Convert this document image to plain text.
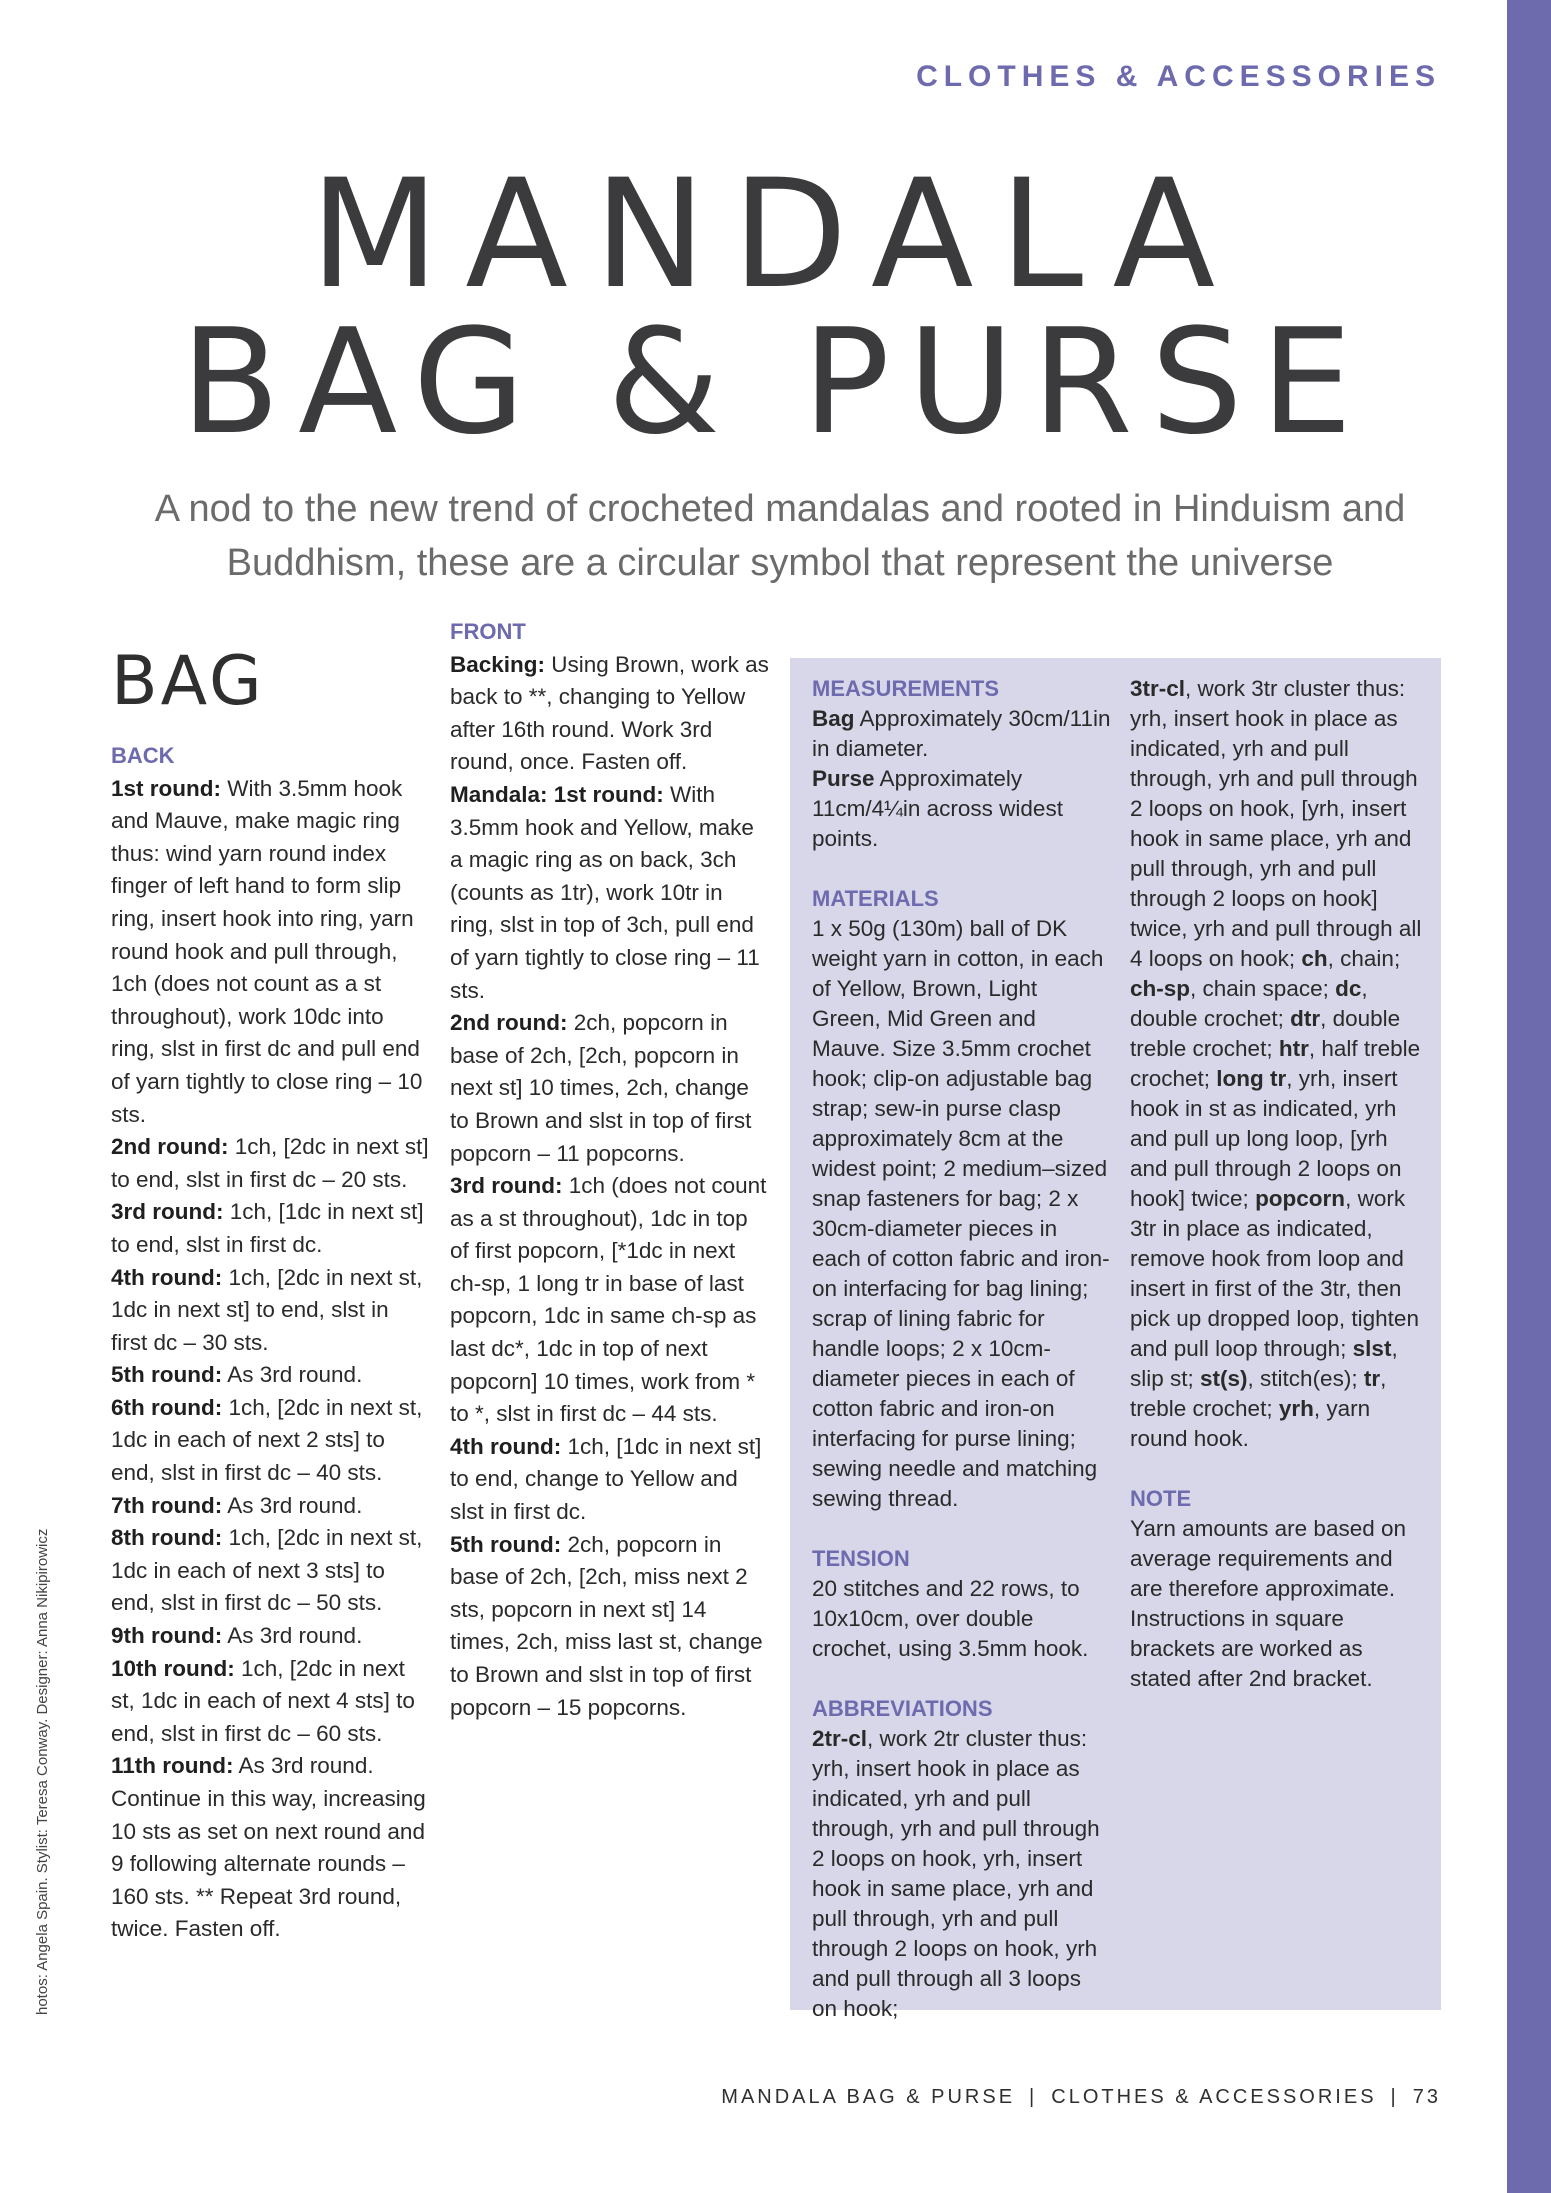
CLOTHES & ACCESSORIES
MANDALA
BAG & PURSE
A nod to the new trend of crocheted mandalas and rooted in Hinduism and Buddhism, these are a circular symbol that represent the universe
BAG

BACK

1st round: With 3.5mm hook and Mauve, make magic ring thus: wind yarn round index finger of left hand to form slip ring, insert hook into ring, yarn round hook and pull through, 1ch (does not count as a st throughout), work 10dc into ring, slst in first dc and pull end of yarn tightly to close ring – 10 sts.

2nd round: 1ch, [2dc in next st] to end, slst in first dc – 20 sts.

3rd round: 1ch, [1dc in next st] to end, slst in first dc.

4th round: 1ch, [2dc in next st, 1dc in next st] to end, slst in first dc – 30 sts.

5th round: As 3rd round.

6th round: 1ch, [2dc in next st, 1dc in each of next 2 sts] to end, slst in first dc – 40 sts.

7th round: As 3rd round.

8th round: 1ch, [2dc in next st, 1dc in each of next 3 sts] to end, slst in first dc – 50 sts.

9th round: As 3rd round.

10th round: 1ch, [2dc in next st, 1dc in each of next 4 sts] to end, slst in first dc – 60 sts.

11th round: As 3rd round. Continue in this way, increasing 10 sts as set on next round and 9 following alternate rounds – 160 sts. ** Repeat 3rd round, twice. Fasten off.

FRONT

Backing: Using Brown, work as back to **, changing to Yellow after 16th round. Work 3rd round, once. Fasten off.

Mandala: 1st round: With 3.5mm hook and Yellow, make a magic ring as on back, 3ch (counts as 1tr), work 10tr in ring, slst in top of 3ch, pull end of yarn tightly to close ring – 11 sts.

2nd round: 2ch, popcorn in base of 2ch, [2ch, popcorn in next st] 10 times, 2ch, change to Brown and slst in top of first popcorn – 11 popcorns.

3rd round: 1ch (does not count as a st throughout), 1dc in top of first popcorn, [*1dc in next ch-sp, 1 long tr in base of last popcorn, 1dc in same ch-sp as last dc*, 1dc in top of next popcorn] 10 times, work from * to *, slst in first dc – 44 sts.

4th round: 1ch, [1dc in next st] to end, change to Yellow and slst in first dc.

5th round: 2ch, popcorn in base of 2ch, [2ch, miss next 2 sts, popcorn in next st] 14 times, 2ch, miss last st, change to Brown and slst in top of first popcorn – 15 popcorns.

MEASUREMENTS

Bag Approximately 30cm/11in in diameter.

Purse Approximately 11cm/4¼in across widest points.

MATERIALS

1 x 50g (130m) ball of DK weight yarn in cotton, in each of Yellow, Brown, Light Green, Mid Green and Mauve. Size 3.5mm crochet hook; clip-on adjustable bag strap; sew-in purse clasp approximately 8cm at the widest point; 2 medium–sized snap fasteners for bag; 2 x 30cm-diameter pieces in each of cotton fabric and iron-on interfacing for bag lining; scrap of lining fabric for handle loops; 2 x 10cm-diameter pieces in each of cotton fabric and iron-on interfacing for purse lining; sewing needle and matching sewing thread.

TENSION

20 stitches and 22 rows, to 10x10cm, over double crochet, using 3.5mm hook.

ABBREVIATIONS

2tr-cl, work 2tr cluster thus: yrh, insert hook in place as indicated, yrh and pull through, yrh and pull through 2 loops on hook, yrh, insert hook in same place, yrh and pull through, yrh and pull through 2 loops on hook, yrh and pull through all 3 loops on hook;

3tr-cl, work 3tr cluster thus: yrh, insert hook in place as indicated, yrh and pull through, yrh and pull through 2 loops on hook, [yrh, insert hook in same place, yrh and pull through, yrh and pull through 2 loops on hook] twice, yrh and pull through all 4 loops on hook; ch, chain; ch-sp, chain space; dc, double crochet; dtr, double treble crochet; htr, half treble crochet; long tr, yrh, insert hook in st as indicated, yrh and pull up long loop, [yrh and pull through 2 loops on hook] twice; popcorn, work 3tr in place as indicated, remove hook from loop and insert in first of the 3tr, then pick up dropped loop, tighten and pull loop through; slst, slip st; st(s), stitch(es); tr, treble crochet; yrh, yarn round hook.

NOTE

Yarn amounts are based on average requirements and are therefore approximate. Instructions in square brackets are worked as stated after 2nd bracket.

hotos: Angela Spain. Stylist: Teresa Conway. Designer: Anna Nikipirowicz
MANDALA BAG & PURSE | CLOTHES & ACCESSORIES | 73
